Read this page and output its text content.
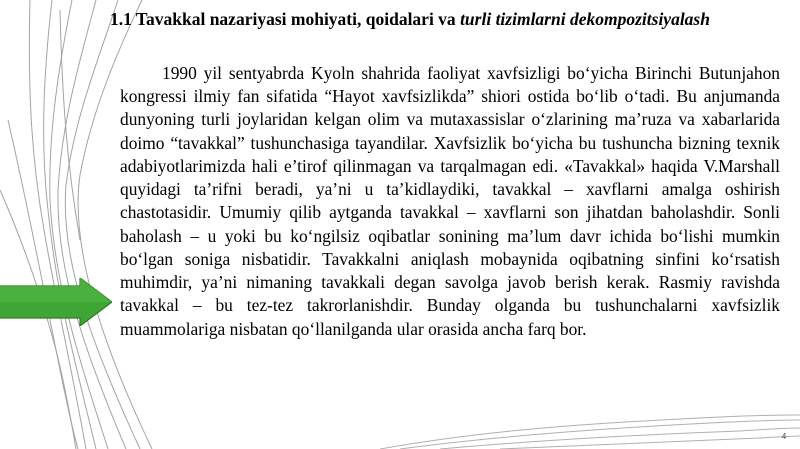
1.1 Tavakkal nazariyasi mohiyati, qoidalari va turli tizimlarni dekompozitsiyalash

1990 yil sentyabrda Kyoln shahrida faoliyat xavfsizligi bo‘yicha Birinchi Butunjahon kongressi ilmiy fan sifatida “Hayot xavfsizlikda” shiori ostida bo‘lib o‘tadi. Bu anjumanda dunyoning turli joylaridan kelgan olim va mutaxassislar o‘zlarining ma’ruza va xabarlarida doimo “tavakkal” tushunchasiga tayandilar. Xavfsizlik bo‘yicha bu tushuncha bizning texnik adabiyotlarimizda hali e’tirof qilinmagan va tarqalmagan edi. «Tavakkal» haqida V.Marshall quyidagi ta’rifni beradi, ya’ni u ta’kidlaydiki, tavakkal – xavflarni amalga oshirish chastotasidir. Umumiy qilib aytganda tavakkal – xavflarni son jihatdan baholashdir. Sonli baholash – u yoki bu ko‘ngilsiz oqibatlar sonining ma’lum davr ichida bo‘lishi mumkin bo‘lgan soniga nisbatidir. Tavakkalni aniqlash mobaynida oqibatning sinfini ko‘rsatish muhimdir, ya’ni nimaning tavakkali degan savolga javob berish kerak. Rasmiy ravishda tavakkal – bu tez-tez takrorlanishdir. Bunday olganda bu tushunchalarni xavfsizlik muammolariga nisbatan qo‘llanilganda ular orasida ancha farq bor.

4
